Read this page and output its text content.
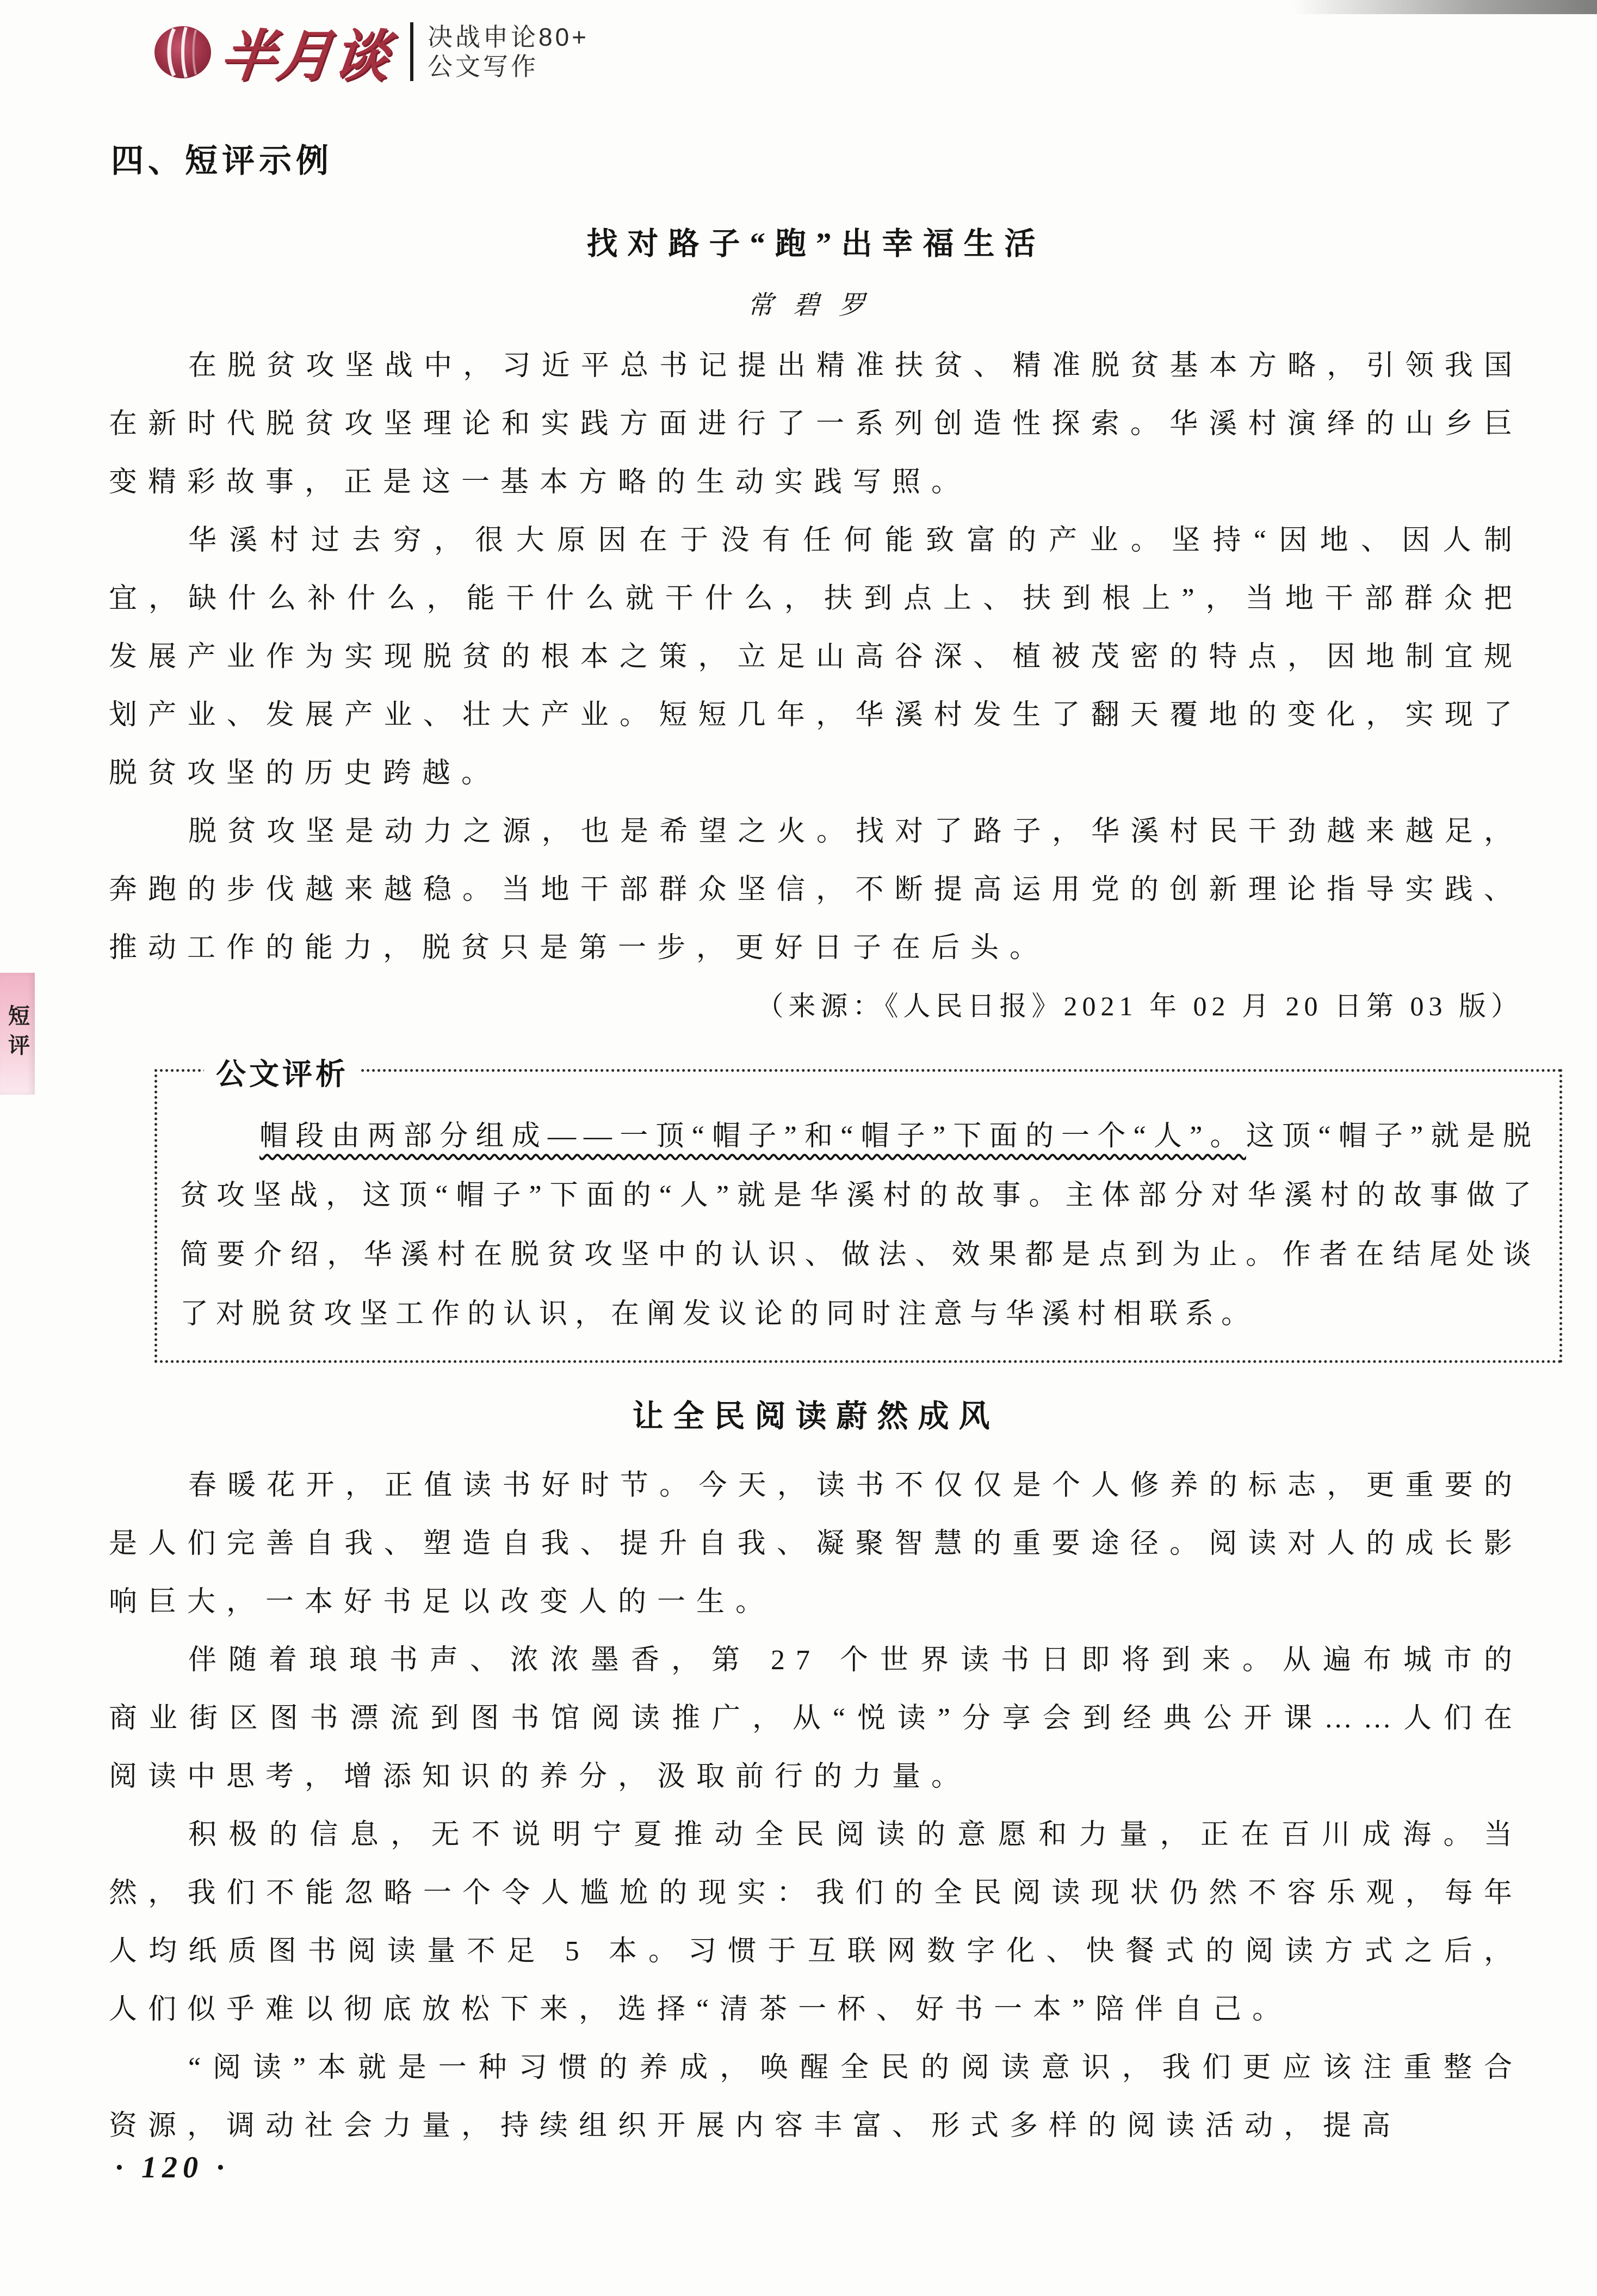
半月谈 决战申论80+
公文写作
四、短评示例
短评
找对路子“跑”出幸福生活
常碧罗

在脱贫攻坚战中，习近平总书记提出精准扶贫、精准脱贫基本方略，引领我国在新时代脱贫攻坚理论和实践方面进行了一系列创造性探索。华溪村演绎的山乡巨变精彩故事，正是这一基本方略的生动实践写照。

华溪村过去穷，很大原因在于没有任何能致富的产业。坚持“因地、因人制宜，缺什么补什么，能干什么就干什么，扶到点上、扶到根上”，当地干部群众把发展产业作为实现脱贫的根本之策，立足山高谷深、植被茂密的特点，因地制宜规划产业、发展产业、壮大产业。短短几年，华溪村发生了翻天覆地的变化，实现了脱贫攻坚的历史跨越。

脱贫攻坚是动力之源，也是希望之火。找对了路子，华溪村民干劲越来越足，奔跑的步伐越来越稳。当地干部群众坚信，不断提高运用党的创新理论指导实践、推动工作的能力，脱贫只是第一步，更好日子在后头。

（来源：《人民日报》2021 年 02 月 20 日第 03 版）

公文评析

帽段由两部分组成——一顶“帽子”和“帽子”下面的一个“人”。这顶“帽子”就是脱贫攻坚战，这顶“帽子”下面的“人”就是华溪村的故事。主体部分对华溪村的故事做了简要介绍，华溪村在脱贫攻坚中的认识、做法、效果都是点到为止。作者在结尾处谈了对脱贫攻坚工作的认识，在阐发议论的同时注意与华溪村相联系。

让全民阅读蔚然成风

春暖花开，正值读书好时节。今天，读书不仅仅是个人修养的标志，更重要的是人们完善自我、塑造自我、提升自我、凝聚智慧的重要途径。阅读对人的成长影响巨大，一本好书足以改变人的一生。

伴随着琅琅书声、浓浓墨香，第 27 个世界读书日即将到来。从遍布城市的商业街区图书漂流到图书馆阅读推广，从“悦读”分享会到经典公开课……人们在阅读中思考，增添知识的养分，汲取前行的力量。

积极的信息，无不说明宁夏推动全民阅读的意愿和力量，正在百川成海。当然，我们不能忽略一个令人尴尬的现实：我们的全民阅读现状仍然不容乐观，每年人均纸质图书阅读量不足 5 本。习惯于互联网数字化、快餐式的阅读方式之后，人们似乎难以彻底放松下来，选择“清茶一杯、好书一本”陪伴自己。

“阅读”本就是一种习惯的养成，唤醒全民的阅读意识，我们更应该注重整合资源，调动社会力量，持续组织开展内容丰富、形式多样的阅读活动，提高

· 120 ·
